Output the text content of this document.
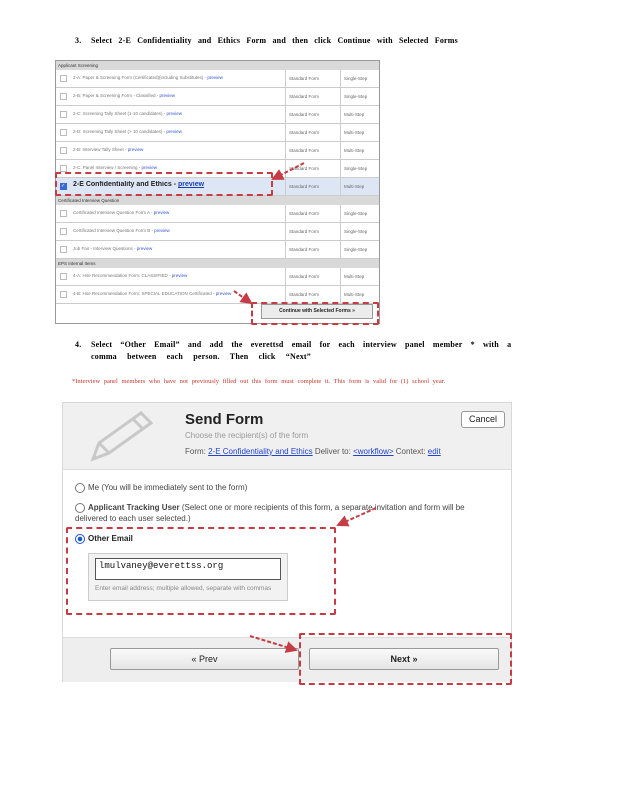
3. Select 2-E Confidentiality and Ethics Form and then click Continue with Selected Forms
Applicant Screening
2-A: Paper & Screening Form (Certificated)(including Substitutes) - preview	Standard Form	Single-Step
2-B: Paper & Screening Form - Classified - preview	Standard Form	Single-Step
2-C: Screening Tally Sheet (1-10 candidates) - preview	Standard Form	Multi-Step
2-D: Screening Tally Sheet (> 10 candidates) - preview	Standard Form	Multi-Step
2-B: Interview Tally Sheet - preview	Standard Form	Multi-Step
2-C: Panel Interview / Screening - preview	Standard Form	Single-Step
✓
2-E Confidentiality and Ethics - preview	Standard Form	Multi-Step
Certificated Interview Question
Certificated Interview Question Form A - preview	Standard Form	Single-Step
Certificated Interview Question Form B - preview	Standard Form	Single-Step
Job Fair - Interview Questions - preview	Standard Form	Single-Step
EPS Internal Items
4-A: Hire Recommendation Form: CLASSIFIED - preview	Standard Form	Multi-Step
4-B: Hire Recommendation Form: SPECIAL EDUCATION Certificated - preview	Standard Form	Multi-Step
Continue with Selected Forms »
4. Select “Other Email” and add the everettsd email for each interview panel member * with a
comma between each person. Then click “Next”
*Interview panel members who have not previously filled out this form must complete it. This form is valid for (1) school year.
Send Form
Choose the recipient(s) of the form
Form: 2-E Confidentiality and Ethics Deliver to: <workflow> Context: edit
Cancel
Me (You will be immediately sent to the form)
Applicant Tracking User (Select one or more recipients of this form, a separate invitation and form will be
delivered to each user selected.)
Other Email
lmulvaney@everettss.org
Enter email address; multiple allowed, separate with commas
« Prev	Next »
